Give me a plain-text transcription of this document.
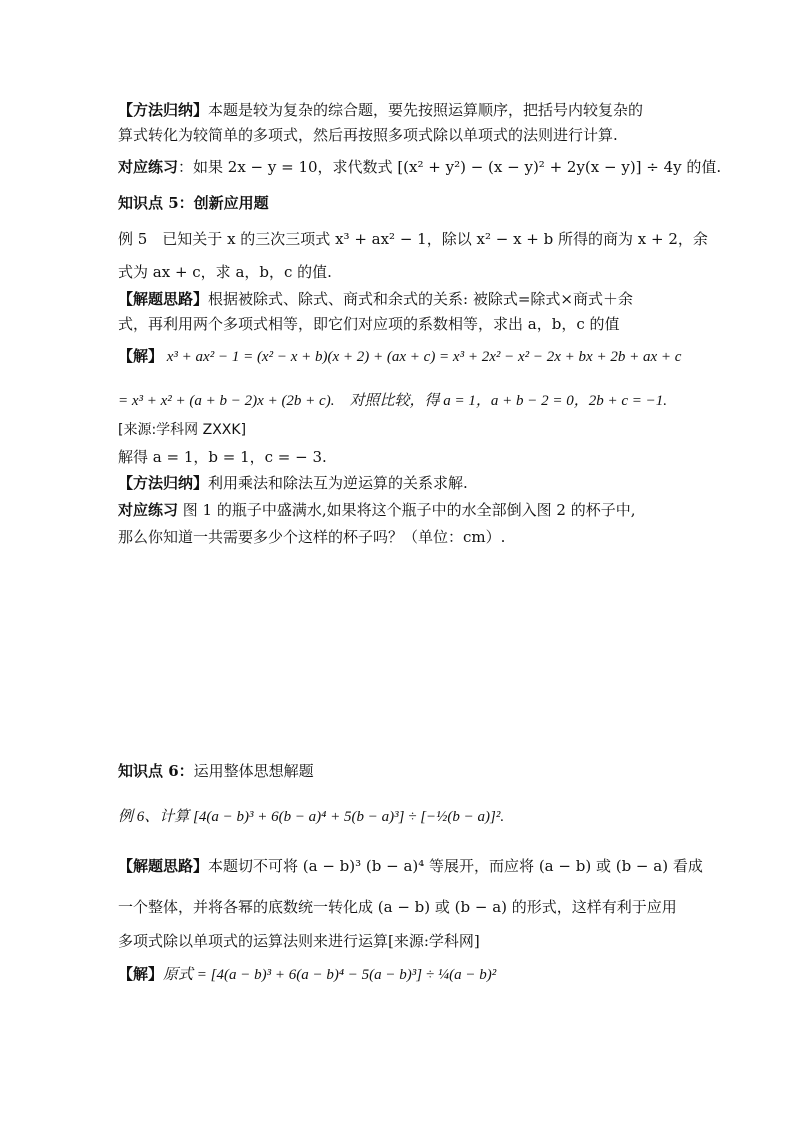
【方法归纳】本题是较为复杂的综合题，要先按照运算顺序，把括号内较复杂的
算式转化为较简单的多项式，然后再按照多项式除以单项式的法则进行计算.
对应练习：如果 2x − y = 10，求代数式 [(x² + y²) − (x − y)² + 2y(x − y)] ÷ 4y 的值.
知识点 5：创新应用题
例 5　已知关于 x 的三次三项式 x³ + ax² − 1，除以 x² − x + b 所得的商为 x + 2，余
式为 ax + c，求 a，b，c 的值.
【解题思路】根据被除式、除式、商式和余式的关系: 被除式=除式×商式＋余
式，再利用两个多项式相等，即它们对应项的系数相等，求出 a，b，c 的值
【解】 x³ + ax² − 1 = (x² − x + b)(x + 2) + (ax + c) = x³ + 2x² − x² − 2x + bx + 2b + ax + c
= x³ + x² + (a + b − 2)x + (2b + c).　对照比较，得 a = 1，a + b − 2 = 0，2b + c = −1.
[来源:学科网 ZXXK]
解得 a = 1，b = 1，c = − 3.
【方法归纳】利用乘法和除法互为逆运算的关系求解.
对应练习 图 1 的瓶子中盛满水,如果将这个瓶子中的水全部倒入图 2 的杯子中,
那么你知道一共需要多少个这样的杯子吗？（单位：cm）.
知识点 6：运用整体思想解题
例 6、计算 [4(a − b)³ + 6(b − a)⁴ + 5(b − a)³] ÷ [−½(b − a)]².
【解题思路】本题切不可将 (a − b)³ (b − a)⁴ 等展开，而应将 (a − b) 或 (b − a) 看成
一个整体，并将各幂的底数统一转化成 (a − b) 或 (b − a) 的形式，这样有利于应用
多项式除以单项式的运算法则来进行运算[来源:学科网]
【解】原式 = [4(a − b)³ + 6(a − b)⁴ − 5(a − b)³] ÷ ¼(a − b)²
